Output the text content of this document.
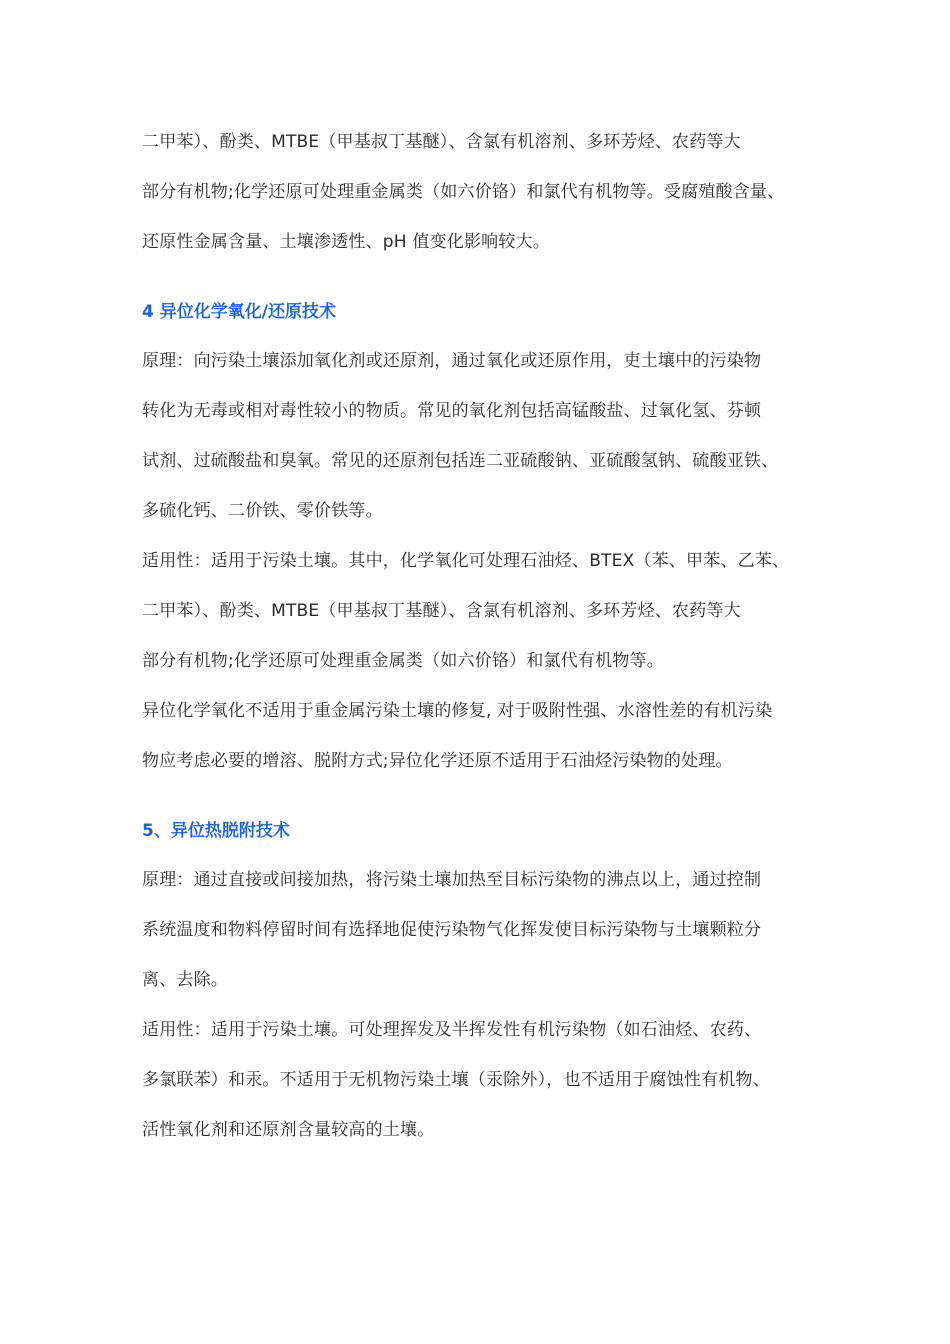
二甲苯）、酚类、MTBE（甲基叔丁基醚）、含氯有机溶剂、多环芳烃、农药等大
部分有机物;化学还原可处理重金属类（如六价铬）和氯代有机物等。受腐殖酸含量、
还原性金属含量、土壤渗透性、pH 值变化影响较大。
4 异位化学氧化/还原技术
原理：向污染土壤添加氧化剂或还原剂，通过氧化或还原作用，吏土壤中的污染物
转化为无毒或相对毒性较小的物质。常见的氧化剂包括高锰酸盐、过氧化氢、芬顿
试剂、过硫酸盐和臭氧。常见的还原剂包括连二亚硫酸钠、亚硫酸氢钠、硫酸亚铁、
多硫化钙、二价铁、零价铁等。
适用性：适用于污染土壤。其中，化学氧化可处理石油烃、BTEX（苯、甲苯、乙苯、
二甲苯）、酚类、MTBE（甲基叔丁基醚）、含氯有机溶剂、多环芳烃、农药等大
部分有机物;化学还原可处理重金属类（如六价铬）和氯代有机物等。
异位化学氧化不适用于重金属污染土壤的修复, 对于吸附性强、水溶性差的有机污染
物应考虑必要的增溶、脱附方式;异位化学还原不适用于石油烃污染物的处理。
5、异位热脱附技术
原理：通过直接或间接加热，将污染土壤加热至目标污染物的沸点以上，通过控制
系统温度和物料停留时间有选择地促使污染物气化挥发使目标污染物与土壤颗粒分
离、去除。
适用性：适用于污染土壤。可处理挥发及半挥发性有机污染物（如石油烃、农药、
多氯联苯）和汞。不适用于无机物污染土壤（汞除外），也不适用于腐蚀性有机物、
活性氧化剂和还原剂含量较高的土壤。
